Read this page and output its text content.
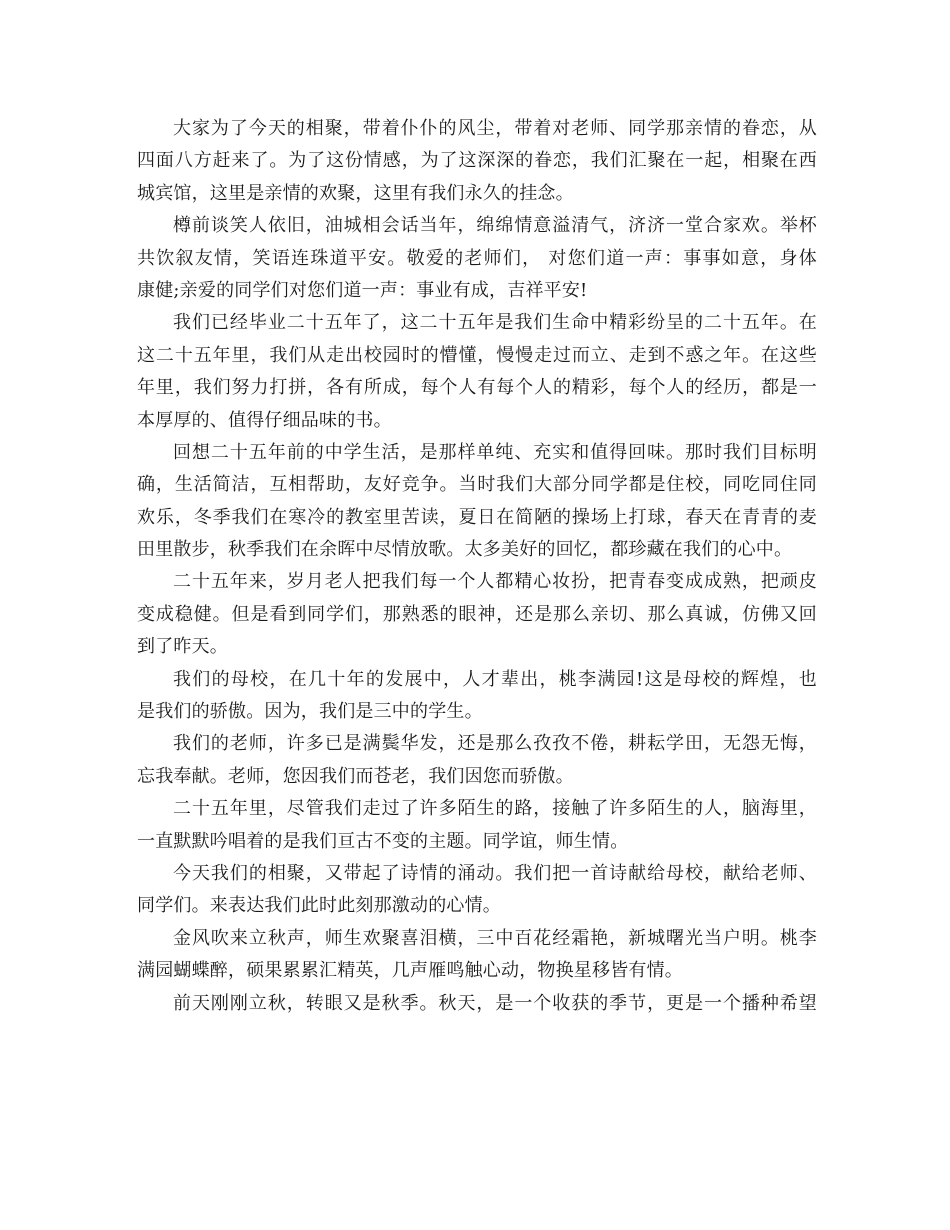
大家为了今天的相聚，带着仆仆的风尘，带着对老师、同学那亲情的眷恋，从
四面八方赶来了。为了这份情感，为了这深深的眷恋，我们汇聚在一起，相聚在西
城宾馆，这里是亲情的欢聚，这里有我们永久的挂念。
樽前谈笑人依旧，油城相会话当年，绵绵情意溢清气，济济一堂合家欢。举杯
共饮叙友情，笑语连珠道平安。敬爱的老师们， 对您们道一声：事事如意，身体
康健;亲爱的同学们对您们道一声：事业有成，吉祥平安!
我们已经毕业二十五年了，这二十五年是我们生命中精彩纷呈的二十五年。在
这二十五年里，我们从走出校园时的懵懂，慢慢走过而立、走到不惑之年。在这些
年里，我们努力打拼，各有所成，每个人有每个人的精彩，每个人的经历，都是一
本厚厚的、值得仔细品味的书。
回想二十五年前的中学生活，是那样单纯、充实和值得回味。那时我们目标明
确，生活简洁，互相帮助，友好竞争。当时我们大部分同学都是住校，同吃同住同
欢乐，冬季我们在寒冷的教室里苦读，夏日在简陋的操场上打球，春天在青青的麦
田里散步，秋季我们在余晖中尽情放歌。太多美好的回忆，都珍藏在我们的心中。
二十五年来，岁月老人把我们每一个人都精心妆扮，把青春变成成熟，把顽皮
变成稳健。但是看到同学们，那熟悉的眼神，还是那么亲切、那么真诚，仿佛又回
到了昨天。
我们的母校，在几十年的发展中，人才辈出，桃李满园!这是母校的辉煌，也
是我们的骄傲。因为，我们是三中的学生。
我们的老师，许多已是满鬓华发，还是那么孜孜不倦，耕耘学田，无怨无悔，
忘我奉献。老师，您因我们而苍老，我们因您而骄傲。
二十五年里，尽管我们走过了许多陌生的路，接触了许多陌生的人，脑海里，
一直默默吟唱着的是我们亘古不变的主题。同学谊，师生情。
今天我们的相聚，又带起了诗情的涌动。我们把一首诗献给母校，献给老师、
同学们。来表达我们此时此刻那激动的心情。
金风吹来立秋声，师生欢聚喜泪横，三中百花经霜艳，新城曙光当户明。桃李
满园蝴蝶醉，硕果累累汇精英，几声雁鸣触心动，物换星移皆有情。
前天刚刚立秋，转眼又是秋季。秋天，是一个收获的季节，更是一个播种希望
